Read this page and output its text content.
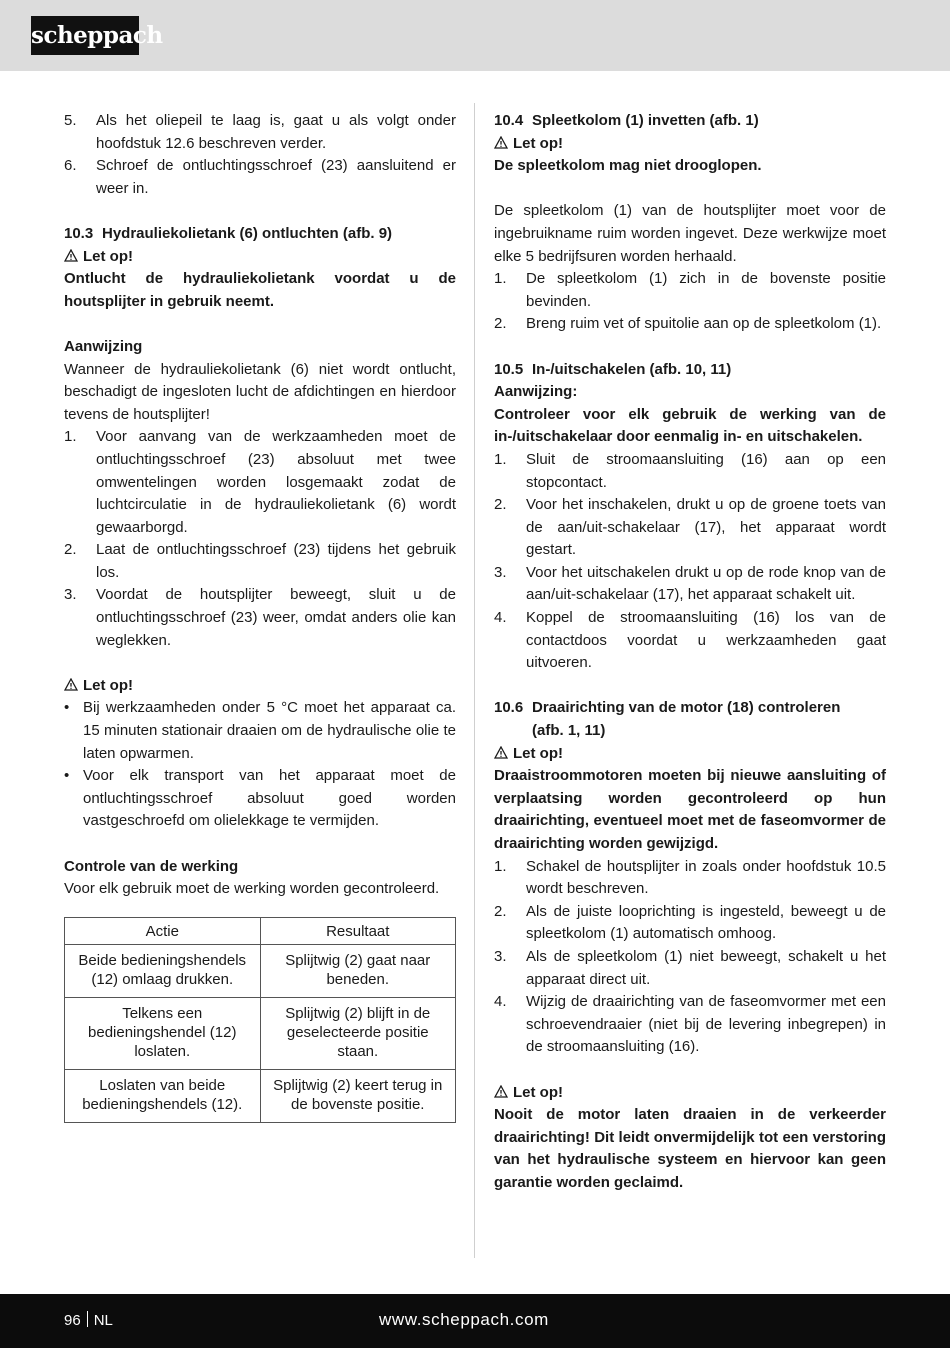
scheppach
5.	Als het oliepeil te laag is, gaat u als volgt onder hoofdstuk 12.6 beschreven verder.
6.	Schroef de ontluchtingsschroef (23) aansluitend er weer in.
10.3 Hydrauliekolietank (6) ontluchten (afb. 9)

Let op!

Ontlucht de hydrauliekolietank voordat u de houtsplijter in gebruik neemt.

Aanwijzing

Wanneer de hydrauliekolietank (6) niet wordt ontlucht, beschadigt de ingesloten lucht de afdichtingen en hierdoor tevens de houtsplijter!

1.	Voor aanvang van de werkzaamheden moet de ontluchtingsschroef (23) absoluut met twee omwentelingen worden losgemaakt zodat de luchtcirculatie in de hydrauliekolietank (6) wordt gewaarborgd.
2.	Laat de ontluchtingsschroef (23) tijdens het gebruik los.
3.	Voordat de houtsplijter beweegt, sluit u de ontluchtingsschroef (23) weer, omdat anders olie kan weglekken.

Let op!

• Bij werkzaamheden onder 5 °C moet het apparaat ca. 15 minuten stationair draaien om de hydraulische olie te laten opwarmen.
• Voor elk transport van het apparaat moet de ontluchtingsschroef absoluut goed worden vastgeschroefd om olielekkage te vermijden.

Controle van de werking

Voor elk gebruik moet de werking worden gecontroleerd.

Actie	Resultaat
Beide bedieningshendels (12) omlaag drukken.	Splijtwig (2) gaat naar beneden.
Telkens een bedieningshendel (12) loslaten.	Splijtwig (2) blijft in de geselecteerde positie staan.
Loslaten van beide bedieningshendels (12).	Splijtwig (2) keert terug in de bovenste positie.
10.4 Spleetkolom (1) invetten (afb. 1)

Let op!

De spleetkolom mag niet drooglopen.

De spleetkolom (1) van de houtsplijter moet voor de ingebruikname ruim worden ingevet. Deze werkwijze moet elke 5 bedrijfsuren worden herhaald.

1.	De spleetkolom (1) zich in de bovenste positie bevinden.
2.	Breng ruim vet of spuitolie aan op de spleetkolom (1).
10.5 In-/uitschakelen (afb. 10, 11)

Aanwijzing:

Controleer voor elk gebruik de werking van de in-/uitschakelaar door eenmalig in- en uitschakelen.

1.	Sluit de stroomaansluiting (16) aan op een stopcontact.
2.	Voor het inschakelen, drukt u op de groene toets van de aan/uit-schakelaar (17), het apparaat wordt gestart.
3.	Voor het uitschakelen drukt u op de rode knop van de aan/uit-schakelaar (17), het apparaat schakelt uit.
4.	Koppel de stroomaansluiting (16) los van de contactdoos voordat u werkzaamheden gaat uitvoeren.
10.6 Draairichting van de motor (18) controleren

(afb. 1, 11)

Let op!

Draaistroommotoren moeten bij nieuwe aansluiting of verplaatsing worden gecontroleerd op hun draairichting, eventueel moet met de faseomvormer de draairichting worden gewijzigd.

1.	Schakel de houtsplijter in zoals onder hoofdstuk 10.5 wordt beschreven.
2.	Als de juiste looprichting is ingesteld, beweegt u de spleetkolom (1) automatisch omhoog.
3.	Als de spleetkolom (1) niet beweegt, schakelt u het apparaat direct uit.
4.	Wijzig de draairichting van de faseomvormer met een schroevendraaier (niet bij de levering inbegrepen) in de stroomaansluiting (16).

Let op!

Nooit de motor laten draaien in de verkeerder draairichting! Dit leidt onvermijdelijk tot een verstoring van het hydraulische systeem en hiervoor kan geen garantie worden geclaimd.

96 NL	www.scheppach.com
